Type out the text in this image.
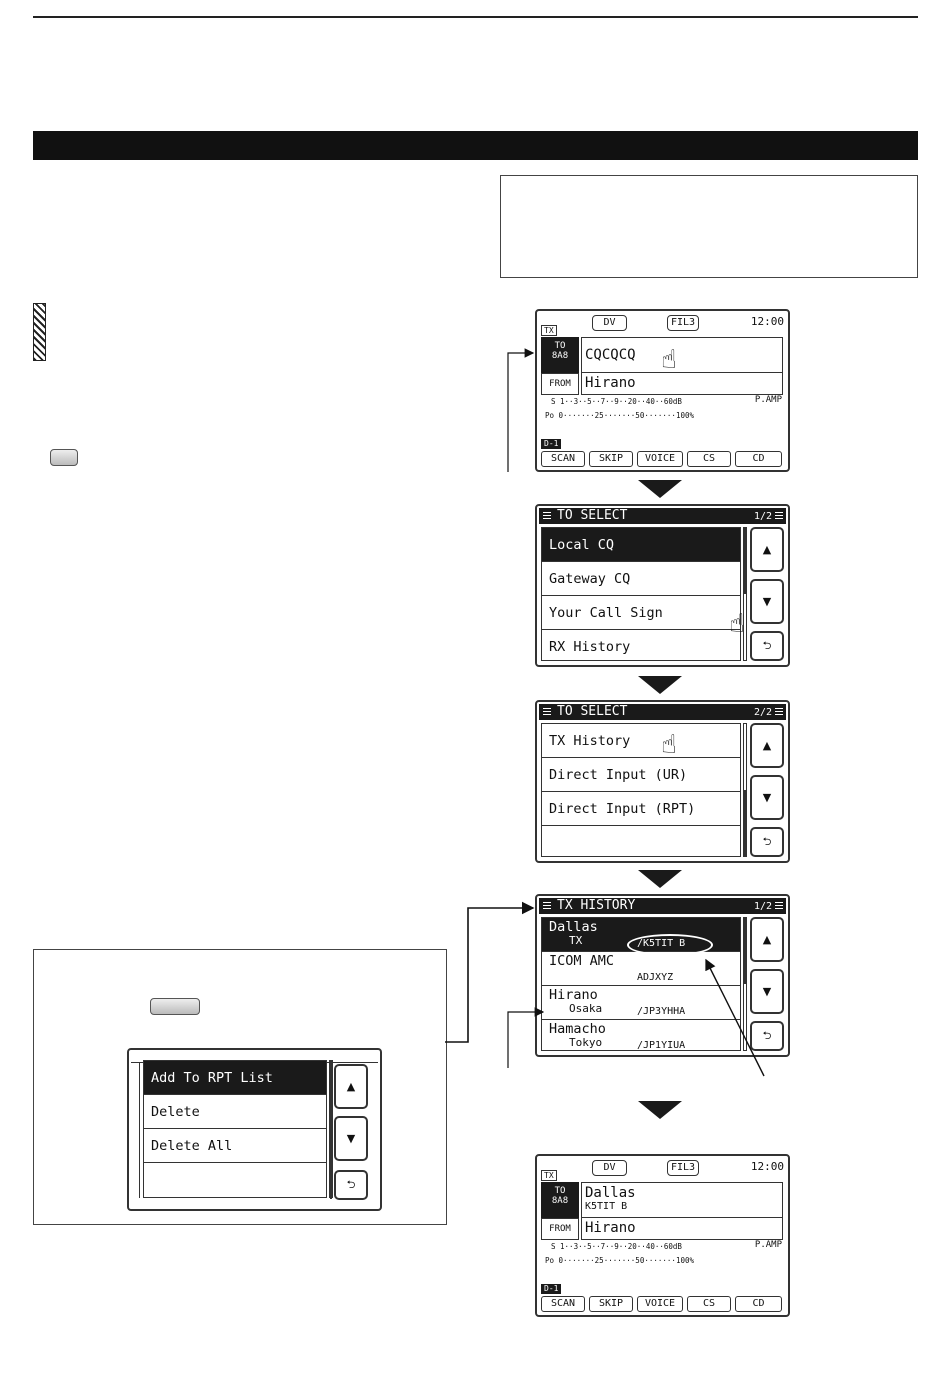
DV	FIL3	12:00
TX
TO
8A8	CQCQCQ
FROM	Hirano
S 1··3··5··7··9··20··40··60dB
Po 0·······25·······50·······100%
P.AMP
D-1
SCAN	SKIP	VOICE	CS	CD
☝
TO SELECT	1/2
Local CQ
Gateway CQ
Your Call Sign
RX History
▲
▼
⮌
☝
TO SELECT	2/2
TX History
Direct Input (UR)
Direct Input (RPT)
▲
▼
⮌
☝
TX HISTORY	1/2
Dallas
TX	/K5TIT B
ICOM AMC
ADJXYZ
Hirano
Osaka	/JP3YHHA
Hamacho
Tokyo	/JP1YIUA
▲
▼
⮌
DV	FIL3	12:00
TX
TO
8A8	Dallas
K5TIT B
FROM	Hirano
S 1··3··5··7··9··20··40··60dB
Po 0·······25·······50·······100%
P.AMP
D-1
SCAN	SKIP	VOICE	CS	CD
Add To RPT List
Delete
Delete All
▲
▼
⮌
